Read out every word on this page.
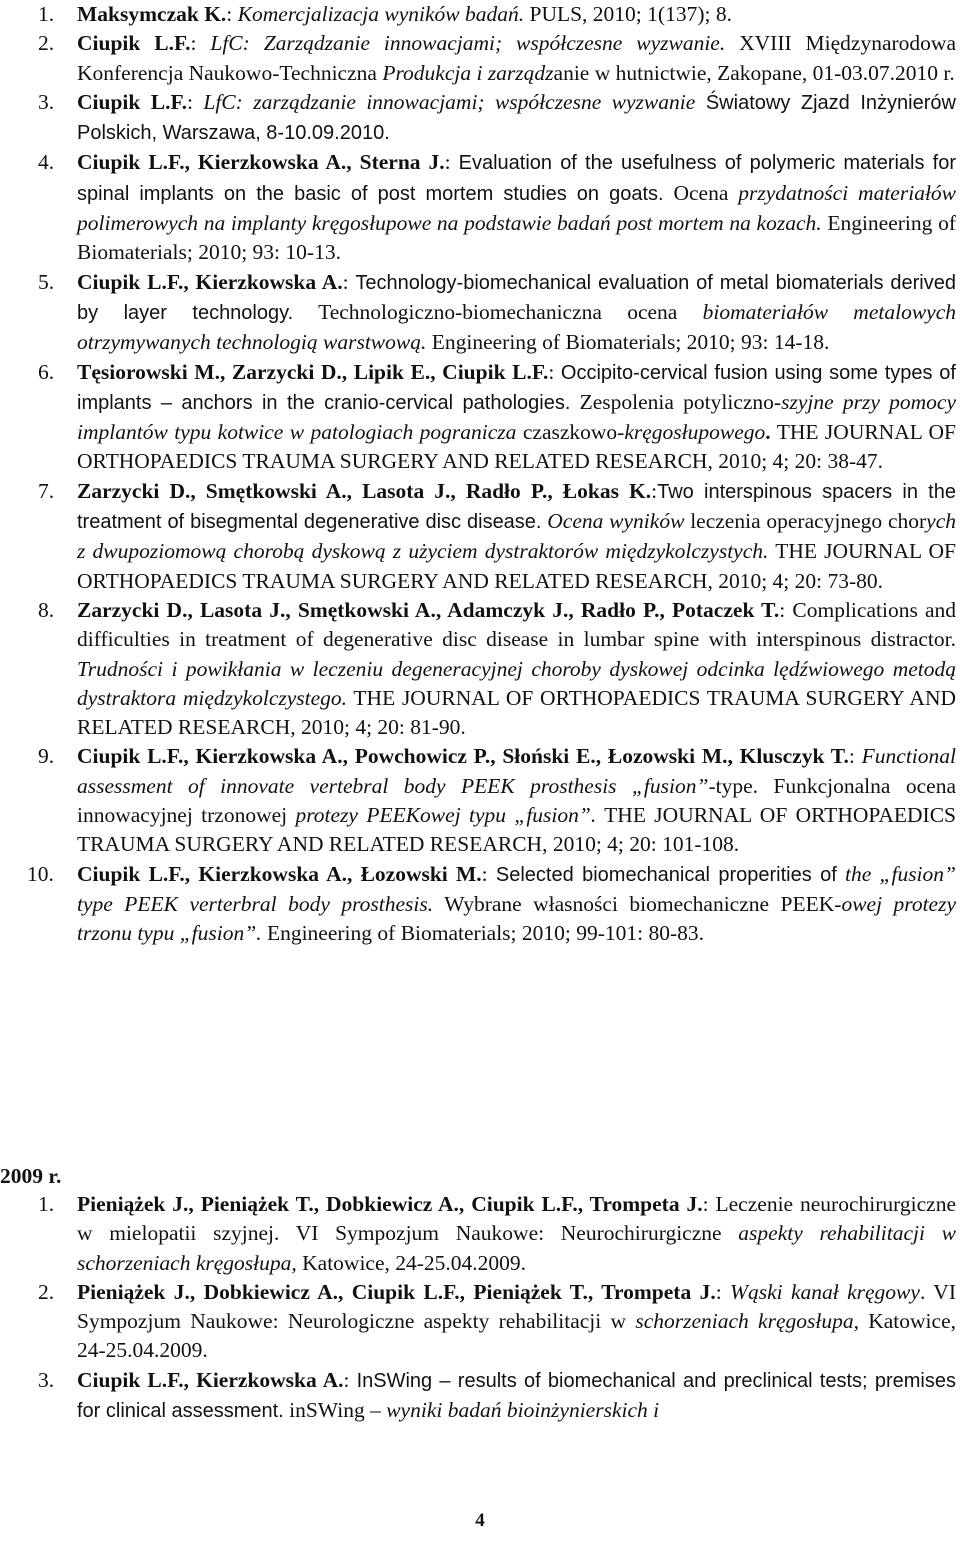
1. Maksymczak K.: Komercjalizacja wyników badań. PULS, 2010; 1(137); 8.
2. Ciupik L.F.: LfC: Zarządzanie innowacjami; współczesne wyzwanie. XVIII Międzynarodowa Konferencja Naukowo-Techniczna Produkcja i zarządzanie w hutnictwie, Zakopane, 01-03.07.2010 r.
3. Ciupik L.F.: LfC: zarządzanie innowacjami; współczesne wyzwanie Światowy Zjazd Inżynierów Polskich, Warszawa, 8-10.09.2010.
4. Ciupik L.F., Kierzkowska A., Sterna J.: Evaluation of the usefulness of polymeric materials for spinal implants on the basic of post mortem studies on goats. Ocena przydatności materiałów polimerowych na implanty kręgosłupowe na podstawie badań post mortem na kozach. Engineering of Biomaterials; 2010; 93: 10-13.
5. Ciupik L.F., Kierzkowska A.: Technology-biomechanical evaluation of metal biomaterials derived by layer technology. Technologiczno-biomechaniczna ocena biomateriałów metalowych otrzymywanych technologią warstwową. Engineering of Biomaterials; 2010; 93: 14-18.
6. Tęsiorowski M., Zarzycki D., Lipik E., Ciupik L.F.: Occipito-cervical fusion using some types of implants – anchors in the cranio-cervical pathologies. Zespolenia potyliczno-szyjne przy pomocy implantów typu kotwice w patologiach pogranicza czaszkowo-kręgosłupowego. THE JOURNAL OF ORTHOPAEDICS TRAUMA SURGERY AND RELATED RESEARCH, 2010; 4; 20: 38-47.
7. Zarzycki D., Smętkowski A., Lasota J., Radło P., Łokas K.:Two interspinous spacers in the treatment of bisegmental degenerative disc disease. Ocena wyników leczenia operacyjnego chorych z dwupoziomową chorobą dyskową z użyciem dystraktorów międzykolczystych. THE JOURNAL OF ORTHOPAEDICS TRAUMA SURGERY AND RELATED RESEARCH, 2010; 4; 20: 73-80.
8. Zarzycki D., Lasota J., Smętkowski A., Adamczyk J., Radło P., Potaczek T.: Complications and difficulties in treatment of degenerative disc disease in lumbar spine with interspinous distractor. Trudności i powikłania w leczeniu degeneracyjnej choroby dyskowej odcinka lędźwiowego metodą dystraktora międzykolczystego. THE JOURNAL OF ORTHOPAEDICS TRAUMA SURGERY AND RELATED RESEARCH, 2010; 4; 20: 81-90.
9. Ciupik L.F., Kierzkowska A., Powchowicz P., Słoński E., Łozowski M., Klusczyk T.: Functional assessment of innovate vertebral body PEEK prosthesis „fusion”-type. Funkcjonalna ocena innowacyjnej trzonowej protezy PEEKowej typu „fusion”. THE JOURNAL OF ORTHOPAEDICS TRAUMA SURGERY AND RELATED RESEARCH, 2010; 4; 20: 101-108.
10. Ciupik L.F., Kierzkowska A., Łozowski M.: Selected biomechanical properities of the „fusion” type PEEK verterbral body prosthesis. Wybrane własności biomechaniczne PEEK-owej protezy trzonu typu „fusion”. Engineering of Biomaterials; 2010; 99-101: 80-83.
2009 r.
1. Pieniążek J., Pieniążek T., Dobkiewicz A., Ciupik L.F., Trompeta J.: Leczenie neurochirurgiczne w mielopatii szyjnej. VI Sympozjum Naukowe: Neurochirurgiczne aspekty rehabilitacji w schorzeniach kręgosłupa, Katowice, 24-25.04.2009.
2. Pieniążek J., Dobkiewicz A., Ciupik L.F., Pieniążek T., Trompeta J.: Wąski kanał kręgowy. VI Sympozjum Naukowe: Neurologiczne aspekty rehabilitacji w schorzeniach kręgosłupa, Katowice, 24-25.04.2009.
3. Ciupik L.F., Kierzkowska A.: InSWing – results of biomechanical and preclinical tests; premises for clinical assessment. inSWing – wyniki badań bioinżynierskich i
4
